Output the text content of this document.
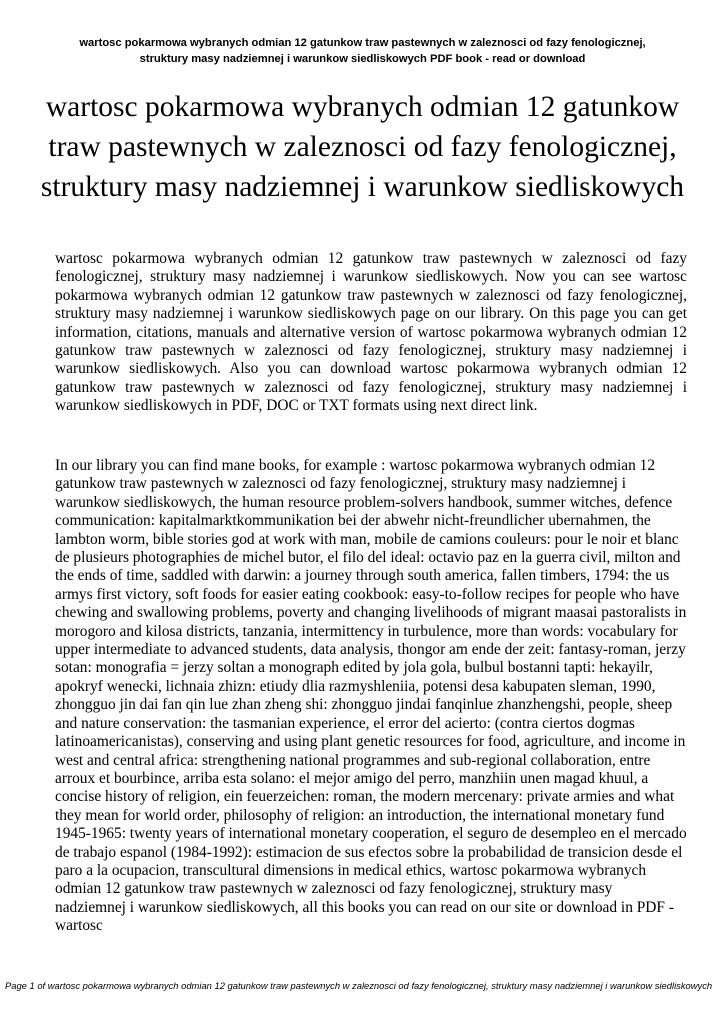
wartosc pokarmowa wybranych odmian 12 gatunkow traw pastewnych w zaleznosci od fazy fenologicznej,
struktury masy nadziemnej i warunkow siedliskowych PDF book - read or download
wartosc pokarmowa wybranych odmian 12 gatunkow
traw pastewnych w zaleznosci od fazy fenologicznej,
struktury masy nadziemnej i warunkow siedliskowych

wartosc pokarmowa wybranych odmian 12 gatunkow traw pastewnych w zaleznosci od fazy fenologicznej, struktury masy nadziemnej i warunkow siedliskowych. Now you can see wartosc pokarmowa wybranych odmian 12 gatunkow traw pastewnych w zaleznosci od fazy fenologicznej, struktury masy nadziemnej i warunkow siedliskowych page on our library. On this page you can get information, citations, manuals and alternative version of wartosc pokarmowa wybranych odmian 12 gatunkow traw pastewnych w zaleznosci od fazy fenologicznej, struktury masy nadziemnej i warunkow siedliskowych. Also you can download wartosc pokarmowa wybranych odmian 12 gatunkow traw pastewnych w zaleznosci od fazy fenologicznej, struktury masy nadziemnej i warunkow siedliskowych in PDF, DOC or TXT formats using next direct link.

In our library you can find mane books, for example : wartosc pokarmowa wybranych odmian 12 gatunkow traw pastewnych w zaleznosci od fazy fenologicznej, struktury masy nadziemnej i warunkow siedliskowych, the human resource problem-solvers handbook, summer witches, defence communication: kapitalmarktkommunikation bei der abwehr nicht-freundlicher ubernahmen, the lambton worm, bible stories god at work with man, mobile de camions couleurs: pour le noir et blanc de plusieurs photographies de michel butor, el filo del ideal: octavio paz en la guerra civil, milton and the ends of time, saddled with darwin: a journey through south america, fallen timbers, 1794: the us armys first victory, soft foods for easier eating cookbook: easy-to-follow recipes for people who have chewing and swallowing problems, poverty and changing livelihoods of migrant maasai pastoralists in morogoro and kilosa districts, tanzania, intermittency in turbulence, more than words: vocabulary for upper intermediate to advanced students, data analysis, thongor am ende der zeit: fantasy-roman, jerzy sotan: monografia = jerzy soltan a monograph edited by jola gola, bulbul bostanni tapti: hekayilr, apokryf wenecki, lichnaia zhizn: etiudy dlia razmyshleniia, potensi desa kabupaten sleman, 1990, zhongguo jin dai fan qin lue zhan zheng shi: zhongguo jindai fanqinlue zhanzhengshi, people, sheep and nature conservation: the tasmanian experience, el error del acierto: (contra ciertos dogmas latinoamericanistas), conserving and using plant genetic resources for food, agriculture, and income in west and central africa: strengthening national programmes and sub-regional collaboration, entre arroux et bourbince, arriba esta solano: el mejor amigo del perro, manzhiin unen magad khuul, a concise history of religion, ein feuerzeichen: roman, the modern mercenary: private armies and what they mean for world order, philosophy of religion: an introduction, the international monetary fund 1945-1965: twenty years of international monetary cooperation, el seguro de desempleo en el mercado de trabajo espanol (1984-1992): estimacion de sus efectos sobre la probabilidad de transicion desde el paro a la ocupacion, transcultural dimensions in medical ethics, wartosc pokarmowa wybranych odmian 12 gatunkow traw pastewnych w zaleznosci od fazy fenologicznej, struktury masy nadziemnej i warunkow siedliskowych, all this books you can read on our site or download in PDF - wartosc

Page 1 of wartosc pokarmowa wybranych odmian 12 gatunkow traw pastewnych w zaleznosci od fazy fenologicznej, struktury masy nadziemnej i warunkow siedliskowych
